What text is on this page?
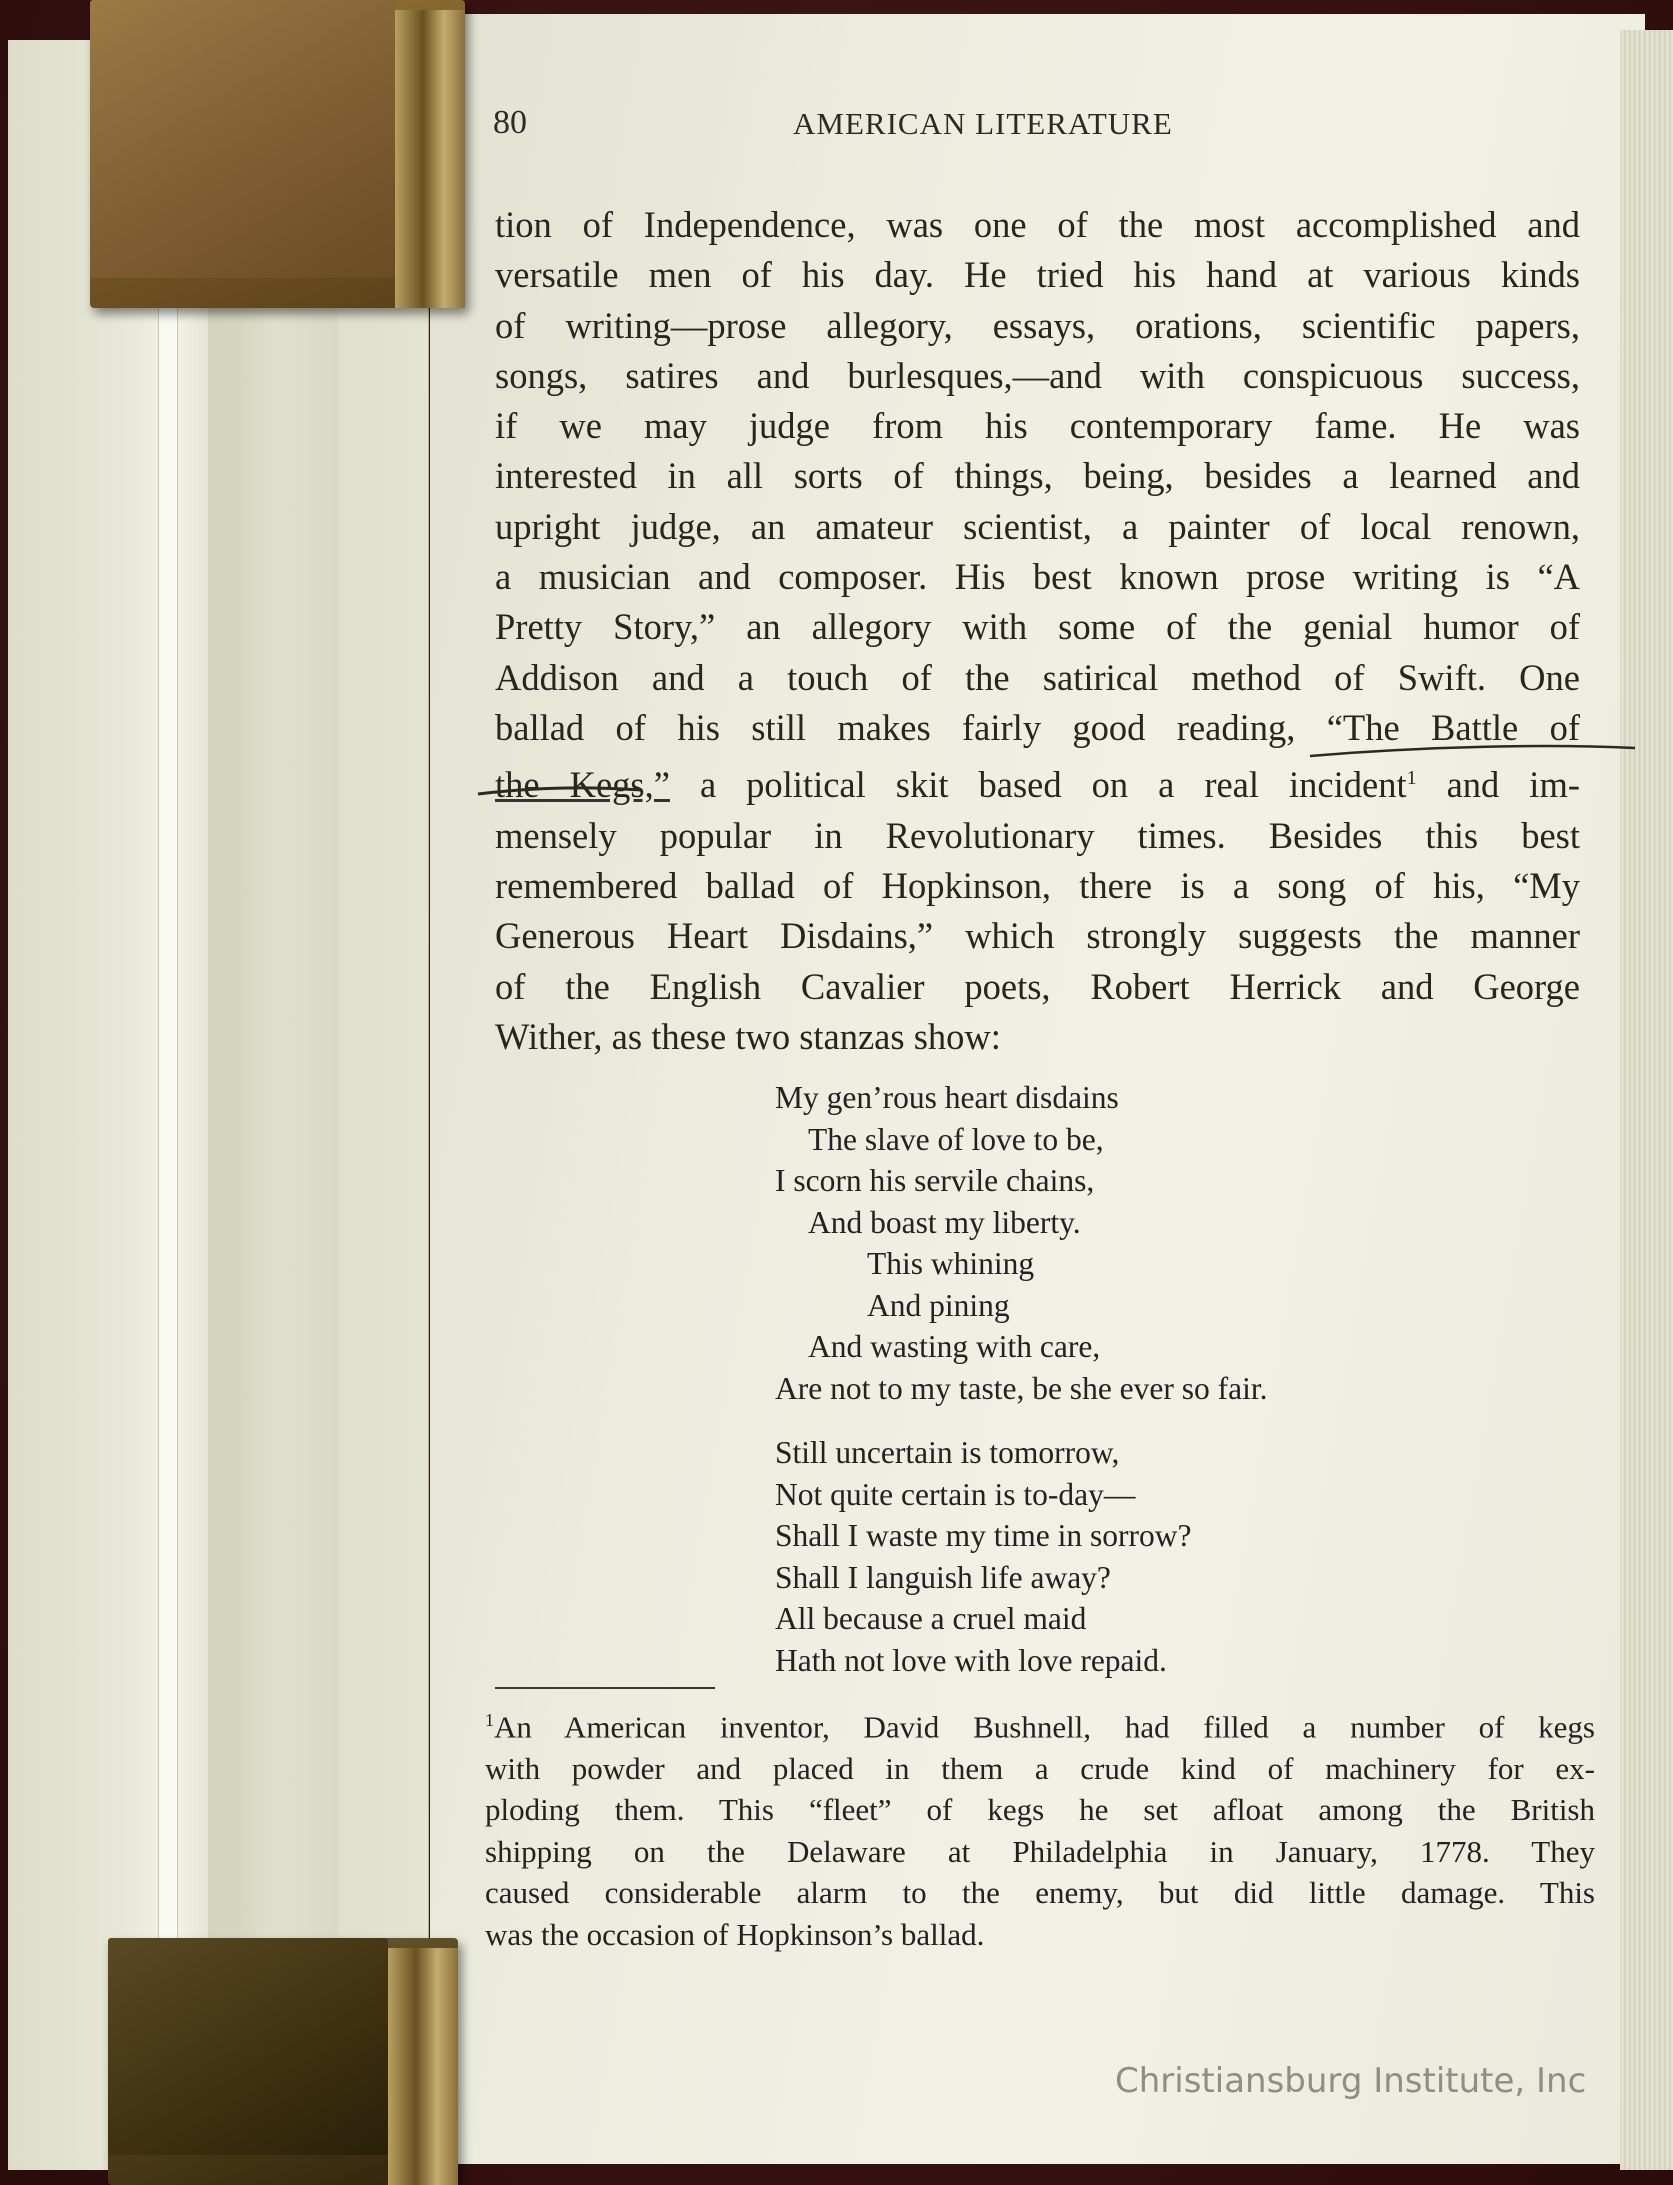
80	AMERICAN LITERATURE
tion of Independence, was one of the most accomplished and
versatile men of his day. He tried his hand at various kinds
of writing—prose allegory, essays, orations, scientific papers,
songs, satires and burlesques,—and with conspicuous success,
if we may judge from his contemporary fame. He was
interested in all sorts of things, being, besides a learned and
upright judge, an amateur scientist, a painter of local renown,
a musician and composer. His best known prose writing is “A
Pretty Story,” an allegory with some of the genial humor of
Addison and a touch of the satirical method of Swift. One
ballad of his still makes fairly good reading, “The Battle of
the Kegs,” a political skit based on a real incident$^1$ and im-
mensely popular in Revolutionary times. Besides this best
remembered ballad of Hopkinson, there is a song of his, “My
Generous Heart Disdains,” which strongly suggests the manner
of the English Cavalier poets, Robert Herrick and George
Wither, as these two stanzas show:
My gen’rous heart disdains
The slave of love to be,
I scorn his servile chains,
And boast my liberty.
This whining
And pining
And wasting with care,
Are not to my taste, be she ever so fair.
Still uncertain is tomorrow,
Not quite certain is to-day—
Shall I waste my time in sorrow?
Shall I languish life away?
All because a cruel maid
Hath not love with love repaid.
$^1$An American inventor, David Bushnell, had filled a number of kegs
with powder and placed in them a crude kind of machinery for ex-
ploding them. This “fleet” of kegs he set afloat among the British
shipping on the Delaware at Philadelphia in January, 1778. They
caused considerable alarm to the enemy, but did little damage. This
was the occasion of Hopkinson’s ballad.
Christiansburg Institute, Inc
